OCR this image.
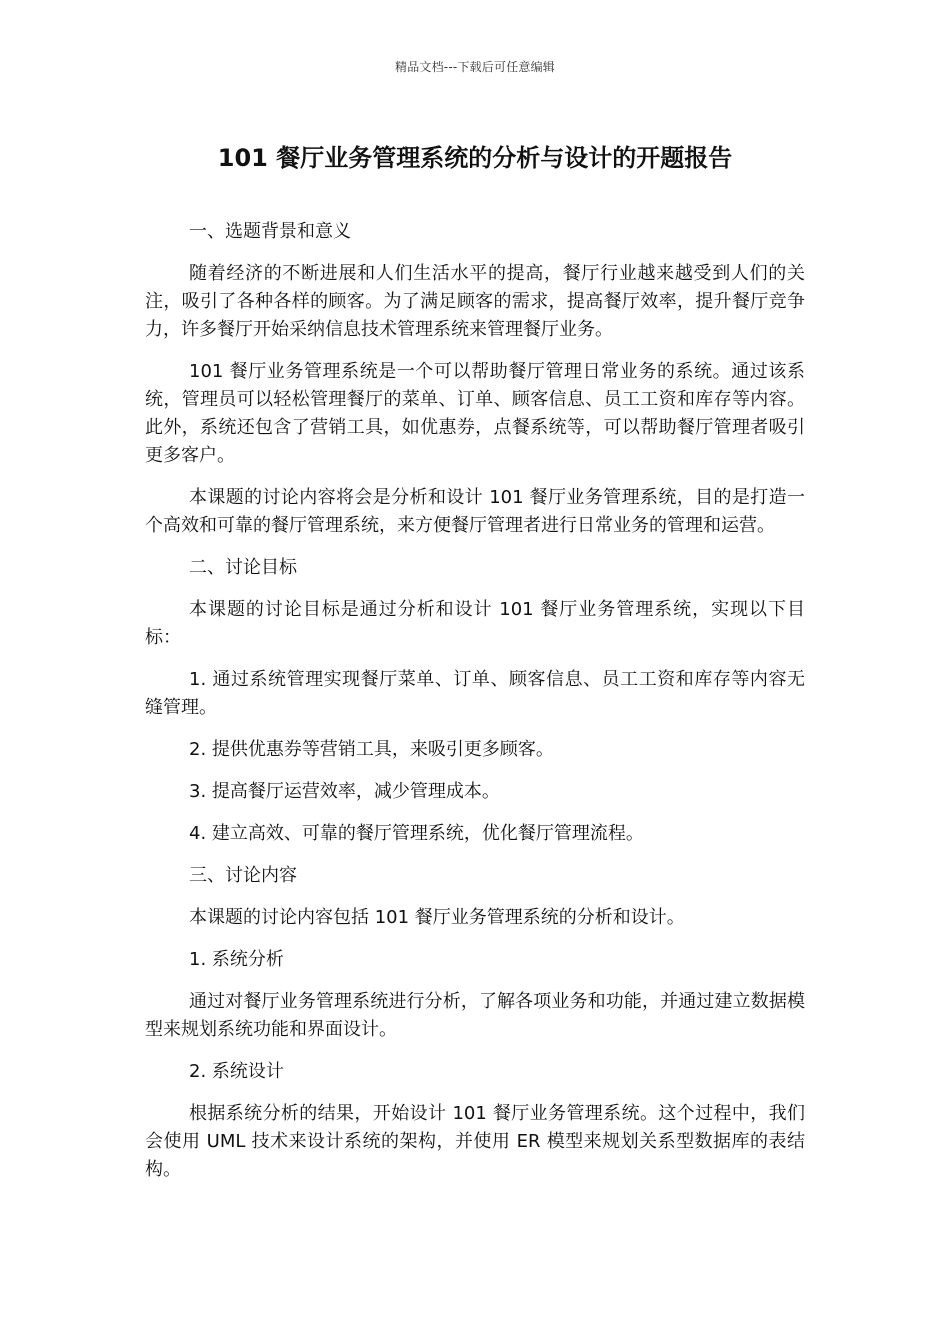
精品文档---下载后可任意编辑
101 餐厅业务管理系统的分析与设计的开题报告

一、选题背景和意义

随着经济的不断进展和人们生活水平的提高，餐厅行业越来越受到人们的关注，吸引了各种各样的顾客。为了满足顾客的需求，提高餐厅效率，提升餐厅竞争力，许多餐厅开始采纳信息技术管理系统来管理餐厅业务。

101 餐厅业务管理系统是一个可以帮助餐厅管理日常业务的系统。通过该系统，管理员可以轻松管理餐厅的菜单、订单、顾客信息、员工工资和库存等内容。此外，系统还包含了营销工具，如优惠券，点餐系统等，可以帮助餐厅管理者吸引更多客户。

本课题的讨论内容将会是分析和设计 101 餐厅业务管理系统，目的是打造一个高效和可靠的餐厅管理系统，来方便餐厅管理者进行日常业务的管理和运营。

二、讨论目标

本课题的讨论目标是通过分析和设计 101 餐厅业务管理系统，实现以下目标：

1. 通过系统管理实现餐厅菜单、订单、顾客信息、员工工资和库存等内容无缝管理。

2. 提供优惠券等营销工具，来吸引更多顾客。

3. 提高餐厅运营效率，减少管理成本。

4. 建立高效、可靠的餐厅管理系统，优化餐厅管理流程。

三、讨论内容

本课题的讨论内容包括 101 餐厅业务管理系统的分析和设计。

1. 系统分析

通过对餐厅业务管理系统进行分析，了解各项业务和功能，并通过建立数据模型来规划系统功能和界面设计。

2. 系统设计

根据系统分析的结果，开始设计 101 餐厅业务管理系统。这个过程中，我们会使用 UML 技术来设计系统的架构，并使用 ER 模型来规划关系型数据库的表结构。
